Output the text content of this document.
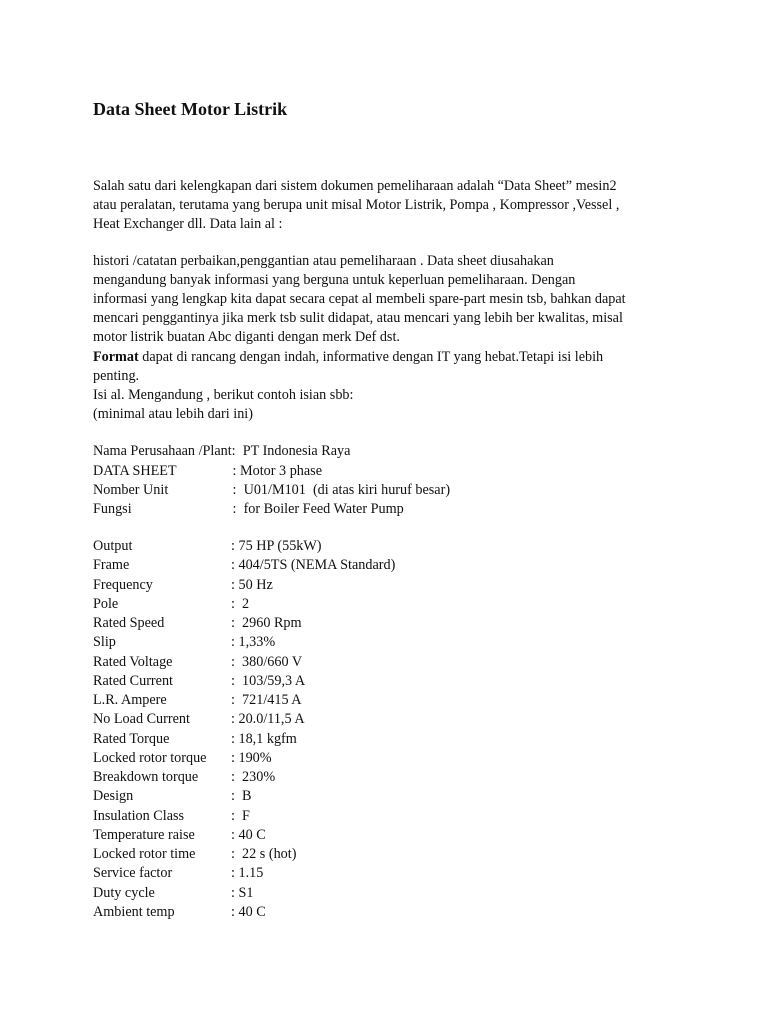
Data Sheet Motor Listrik
Salah satu dari kelengkapan dari sistem dokumen pemeliharaan adalah “Data Sheet” mesin2
atau peralatan, terutama yang berupa unit misal Motor Listrik, Pompa , Kompressor ,Vessel ,
Heat Exchanger dll. Data lain al :
histori /catatan perbaikan,penggantian atau pemeliharaan . Data sheet diusahakan
mengandung banyak informasi yang berguna untuk keperluan pemeliharaan. Dengan
informasi yang lengkap kita dapat secara cepat al membeli spare-part mesin tsb, bahkan dapat
mencari penggantinya jika merk tsb sulit didapat, atau mencari yang lebih ber kwalitas, misal
motor listrik buatan Abc diganti dengan merk Def dst.
Format dapat di rancang dengan indah, informative dengan IT yang hebat.Tetapi isi lebih
penting.
Isi al. Mengandung , berikut contoh isian sbb:
(minimal atau lebih dari ini)
Nama Perusahaan /Plant:  PT Indonesia Raya
DATA SHEET	: Motor 3 phase
Nomber Unit	:  U01/M101  (di atas kiri huruf besar)
Fungsi	:  for Boiler Feed Water Pump
Output	: 75 HP (55kW)
Frame	: 404/5TS (NEMA Standard)
Frequency	: 50 Hz
Pole	:  2
Rated Speed	:  2960 Rpm
Slip	: 1,33%
Rated Voltage	:  380/660 V
Rated Current	:  103/59,3 A
L.R. Ampere	:  721/415 A
No Load Current	: 20.0/11,5 A
Rated Torque	: 18,1 kgfm
Locked rotor torque : 190%
Breakdown torque :  230%
Design	:  B
Insulation Class	:  F
Temperature raise	: 40 C
Locked rotor time	:  22 s (hot)
Service factor	: 1.15
Duty cycle	: S1
Ambient temp	: 40 C
